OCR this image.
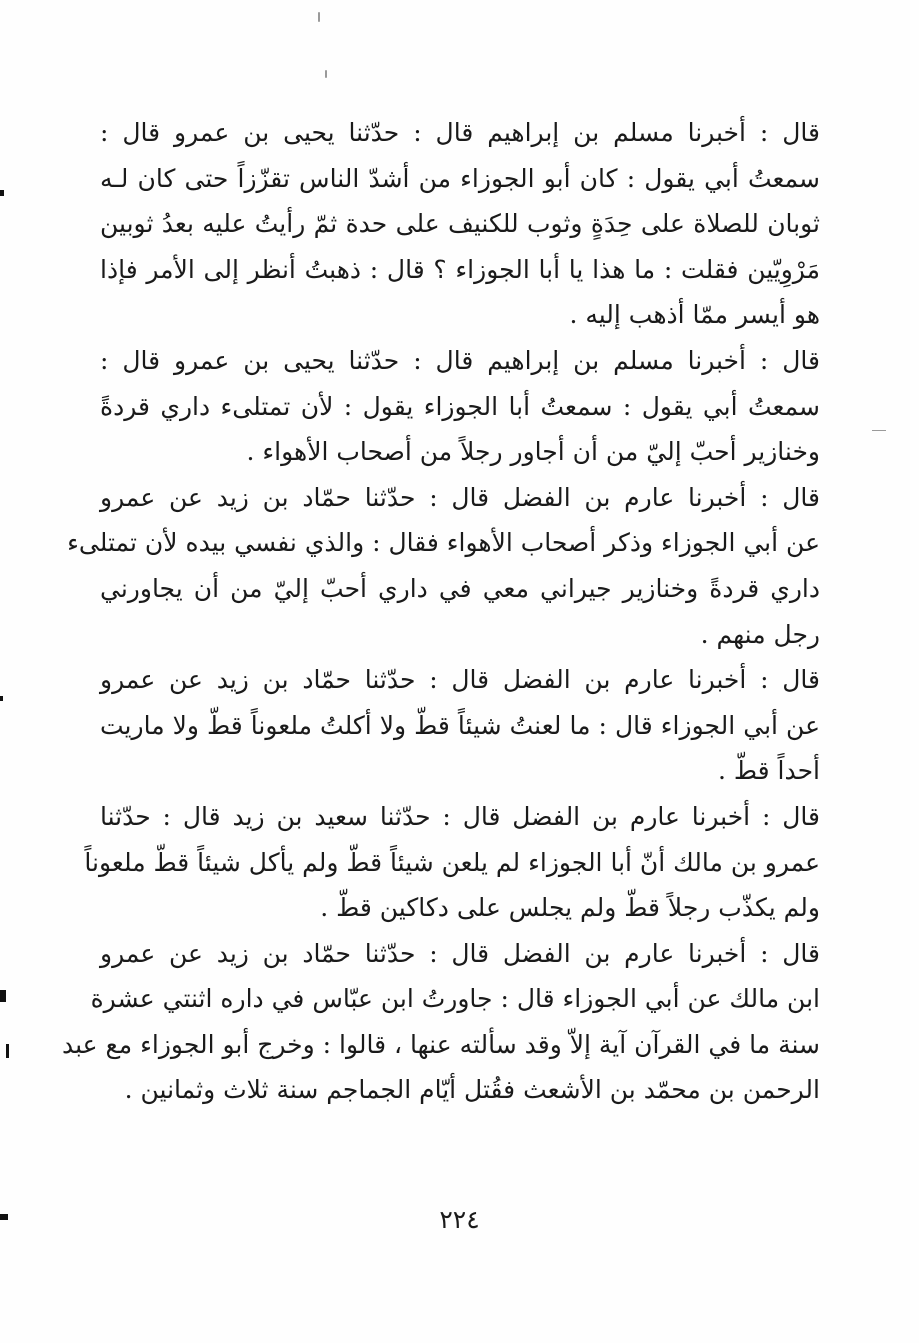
قال : أخبرنا مسلم بن إبراهيم قال : حدّثنا يحيى بن عمرو قال :
سمعتُ أبي يقول : كان أبو الجوزاء من أشدّ الناس تقزّزاً حتى كان لـه
ثوبان للصلاة على حِدَةٍ وثوب للكنيف على حدة ثمّ رأيتُ عليه بعدُ ثوبين
مَرْوِيّين فقلت : ما هذا يا أبا الجوزاء ؟ قال : ذهبتُ أنظر إلى الأمر فإذا
هو أيسر ممّا أذهب إليه .
قال : أخبرنا مسلم بن إبراهيم قال : حدّثنا يحيى بن عمرو قال :
سمعتُ أبي يقول : سمعتُ أبا الجوزاء يقول : لأن تمتلىء داري قردةً
وخنازير أحبّ إليّ من أن أجاور رجلاً من أصحاب الأهواء .
قال : أخبرنا عارم بن الفضل قال : حدّثنا حمّاد بن زيد عن عمرو
عن أبي الجوزاء وذكر أصحاب الأهواء فقال : والذي نفسي بيده لأن تمتلىء
داري قردةً وخنازير جيراني معي في داري أحبّ إليّ من أن يجاورني
رجل منهم .
قال : أخبرنا عارم بن الفضل قال : حدّثنا حمّاد بن زيد عن عمرو
عن أبي الجوزاء قال : ما لعنتُ شيئاً قطّ ولا أكلتُ ملعوناً قطّ ولا ماريت
أحداً قطّ .
قال : أخبرنا عارم بن الفضل قال : حدّثنا سعيد بن زيد قال : حدّثنا
عمرو بن مالك أنّ أبا الجوزاء لم يلعن شيئاً قطّ ولم يأكل شيئاً قطّ ملعوناً
ولم يكذّب رجلاً قطّ ولم يجلس على دكاكين قطّ .
قال : أخبرنا عارم بن الفضل قال : حدّثنا حمّاد بن زيد عن عمرو
ابن مالك عن أبي الجوزاء قال : جاورتُ ابن عبّاس في داره اثنتي عشرة
سنة ما في القرآن آية إلاّ وقد سألته عنها ، قالوا : وخرج أبو الجوزاء مع عبد
الرحمن بن محمّد بن الأشعث فقُتل أيّام الجماجم سنة ثلاث وثمانين .
٢٢٤
